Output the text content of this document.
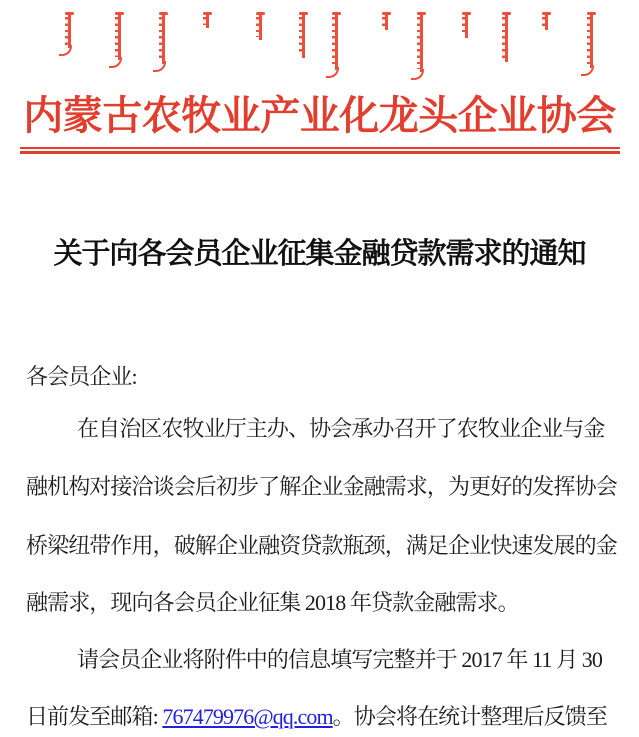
内蒙古农牧业产业化龙头企业协会
关于向各会员企业征集金融贷款需求的通知
各会员企业:
在自治区农牧业厅主办、协会承办召开了农牧业企业与金
融机构对接洽谈会后初步了解企业金融需求，为更好的发挥协会
桥梁纽带作用，破解企业融资贷款瓶颈，满足企业快速发展的金
融需求，现向各会员企业征集 2018 年贷款金融需求。
请会员企业将附件中的信息填写完整并于 2017 年 11 月 30
日前发至邮箱: 767479976@qq.com。协会将在统计整理后反馈至
